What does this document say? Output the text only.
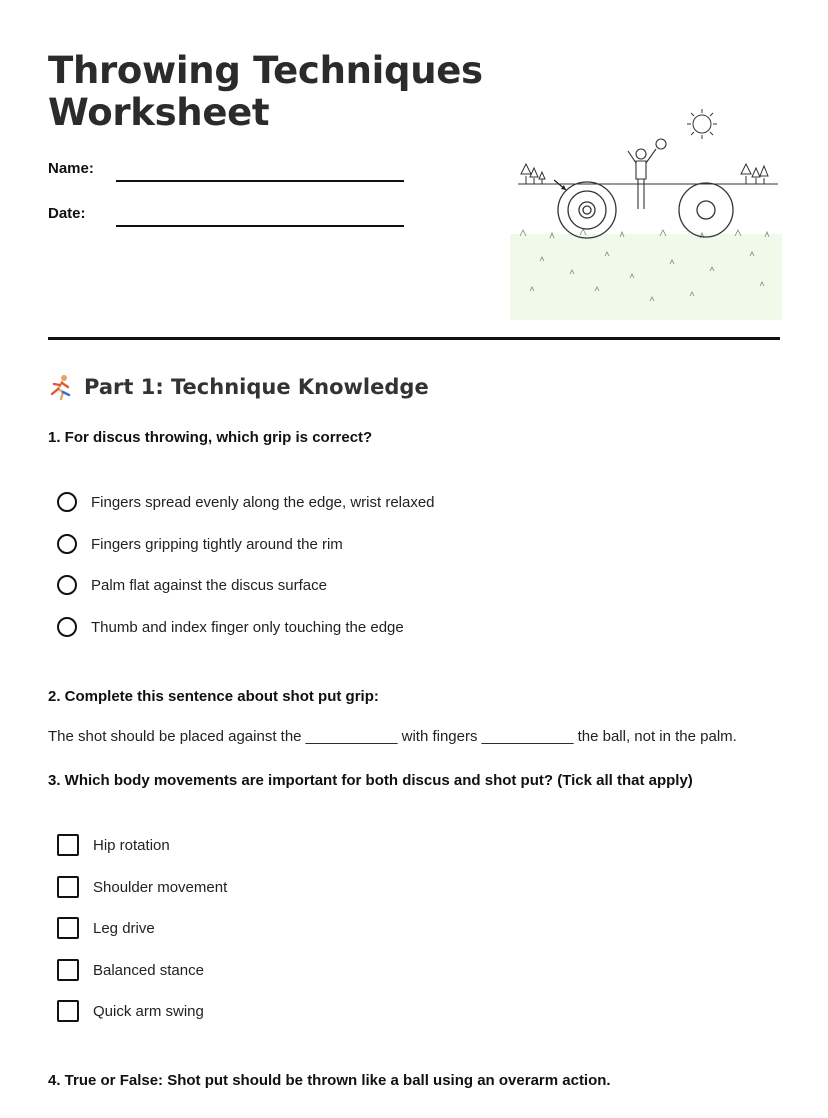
Throwing Techniques
Worksheet
Name:
Date:
Part 1: Technique Knowledge

1. For discus throwing, which grip is correct?

Fingers spread evenly along the edge, wrist relaxed
Fingers gripping tightly around the rim
Palm flat against the discus surface
Thumb and index finger only touching the edge

2. Complete this sentence about shot put grip:

The shot should be placed against the ___________ with fingers ___________ the ball, not in the palm.

3. Which body movements are important for both discus and shot put? (Tick all that apply)

Hip rotation
Shoulder movement
Leg drive
Balanced stance
Quick arm swing

4. True or False: Shot put should be thrown like a ball using an overarm action.
